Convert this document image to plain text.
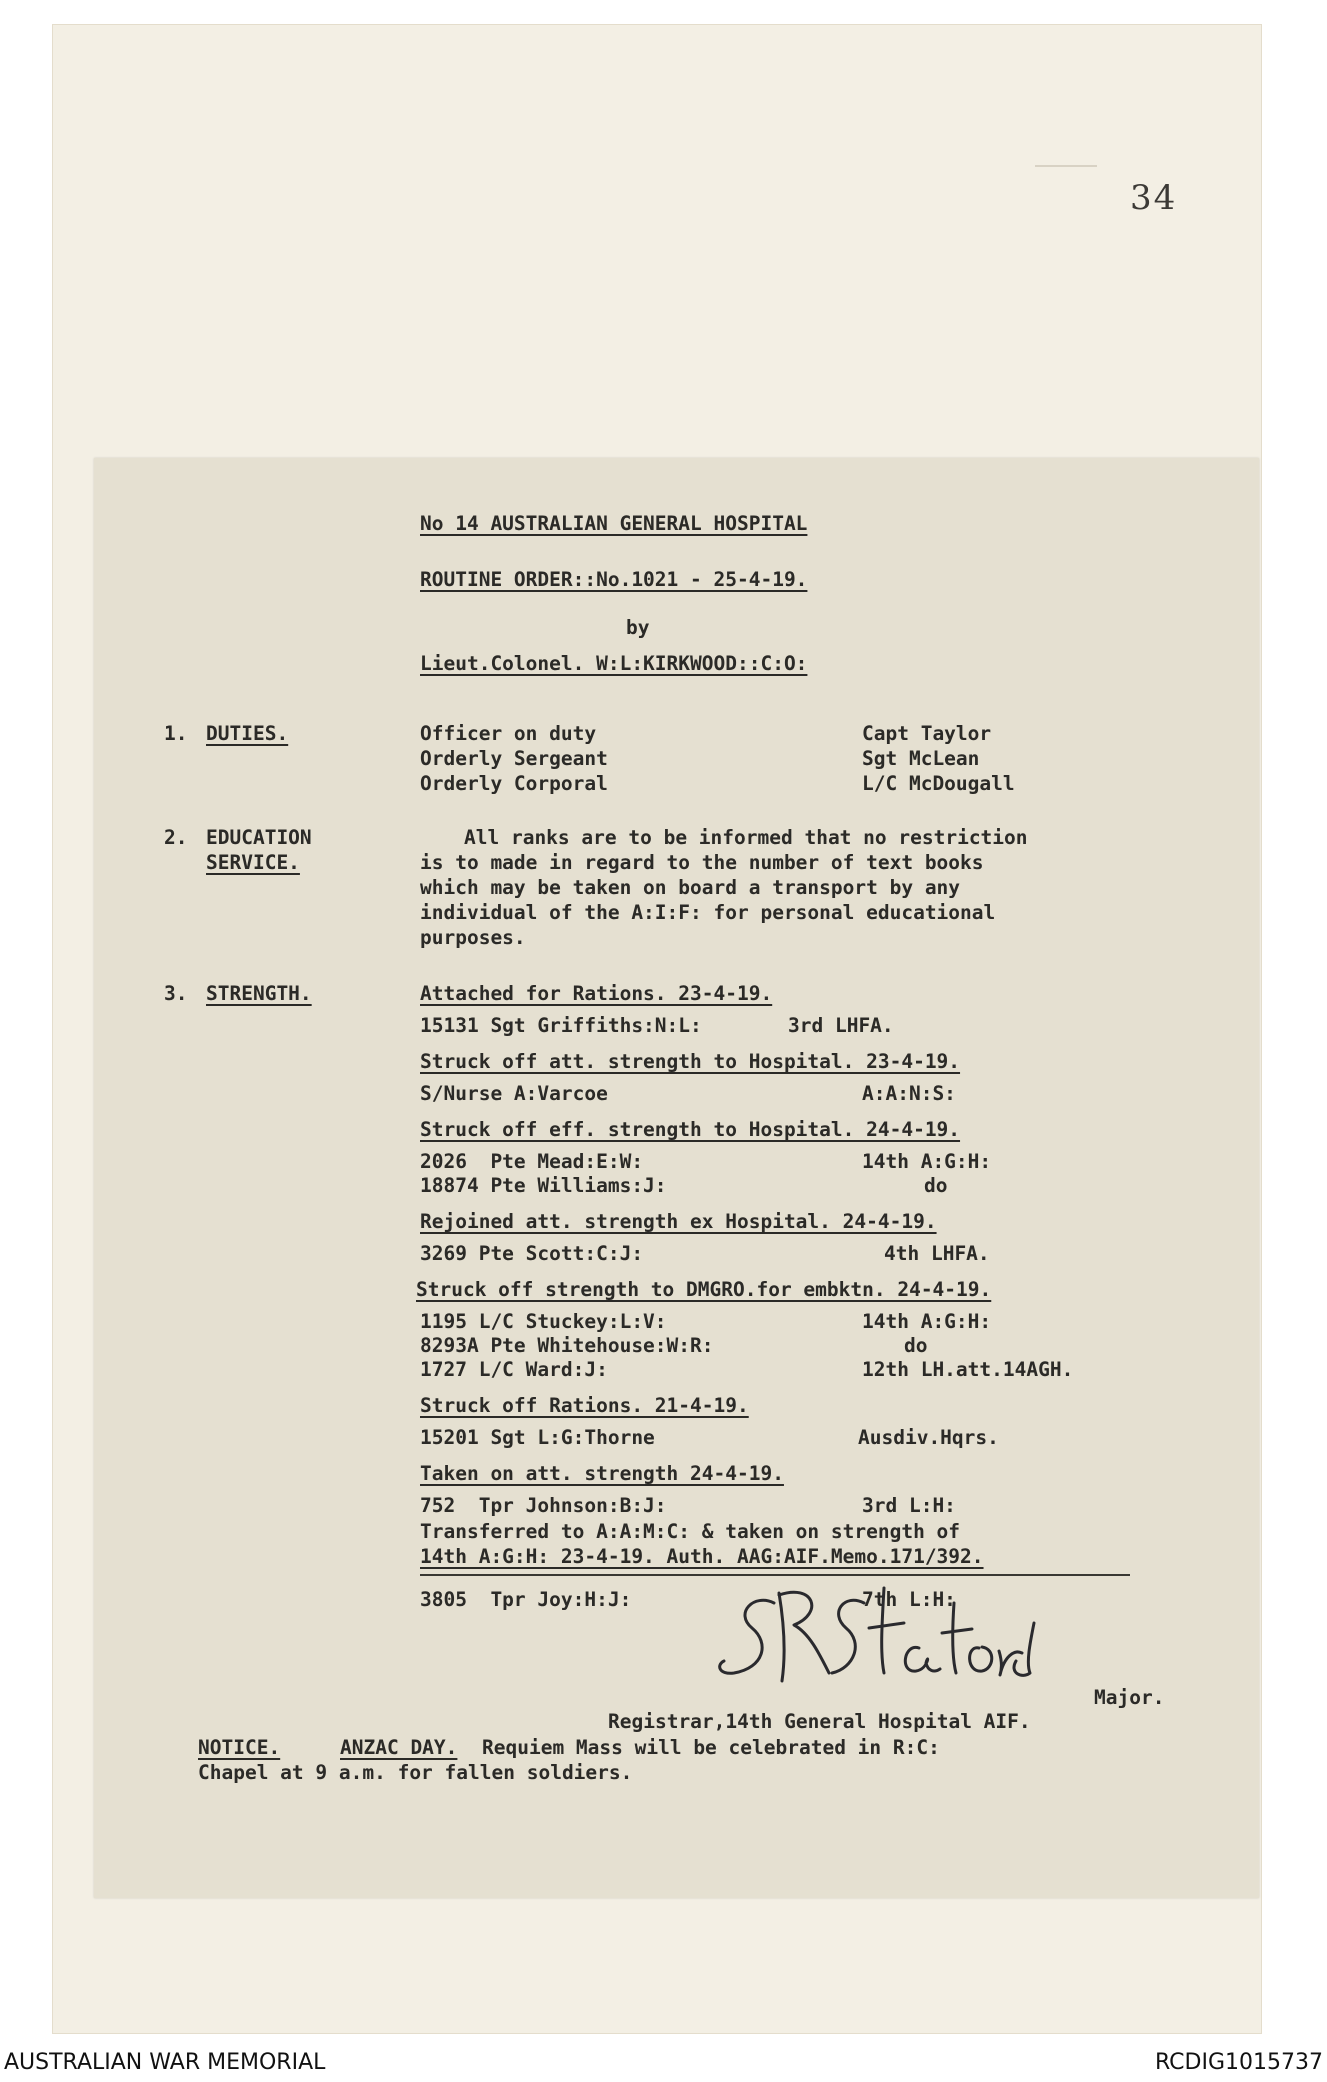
34
No 14 AUSTRALIAN GENERAL HOSPITAL
ROUTINE ORDER::No.1021 - 25-4-19.
by
Lieut.Colonel. W:L:KIRKWOOD::C:O:
1. DUTIES.	Officer on duty	Capt Taylor
Orderly Sergeant	Sgt McLean
Orderly Corporal	L/C McDougall
2. EDUCATION
SERVICE.
All ranks are to be informed that no restriction
is to made in regard to the number of text books
which may be taken on board a transport by any
individual of the A:I:F: for personal educational
purposes.
3. STRENGTH.	Attached for Rations. 23-4-19.
15131 Sgt Griffiths:N:L:	3rd LHFA.
Struck off att. strength to Hospital. 23-4-19.
S/Nurse A:Varcoe	A:A:N:S:
Struck off eff. strength to Hospital. 24-4-19.
2026  Pte Mead:E:W:	14th A:G:H:
18874 Pte Williams:J:	do
Rejoined att. strength ex Hospital. 24-4-19.
3269 Pte Scott:C:J:	4th LHFA.
Struck off strength to DMGRO.for embktn. 24-4-19.
1195 L/C Stuckey:L:V:	14th A:G:H:
8293A Pte Whitehouse:W:R:	do
1727 L/C Ward:J:	12th LH.att.14AGH.
Struck off Rations. 21-4-19.
15201 Sgt L:G:Thorne	Ausdiv.Hqrs.
Taken on att. strength 24-4-19.
752  Tpr Johnson:B:J:	3rd L:H:
Transferred to A:A:M:C: & taken on strength of
14th A:G:H: 23-4-19. Auth. AAG:AIF.Memo.171/392.
3805  Tpr Joy:H:J:	7th L:H:
Major.
Registrar,14th General Hospital AIF.
NOTICE.	ANZAC DAY. Requiem Mass will be celebrated in R:C:
Chapel at 9 a.m. for fallen soldiers.
AUSTRALIAN WAR MEMORIAL	RCDIG1015737
